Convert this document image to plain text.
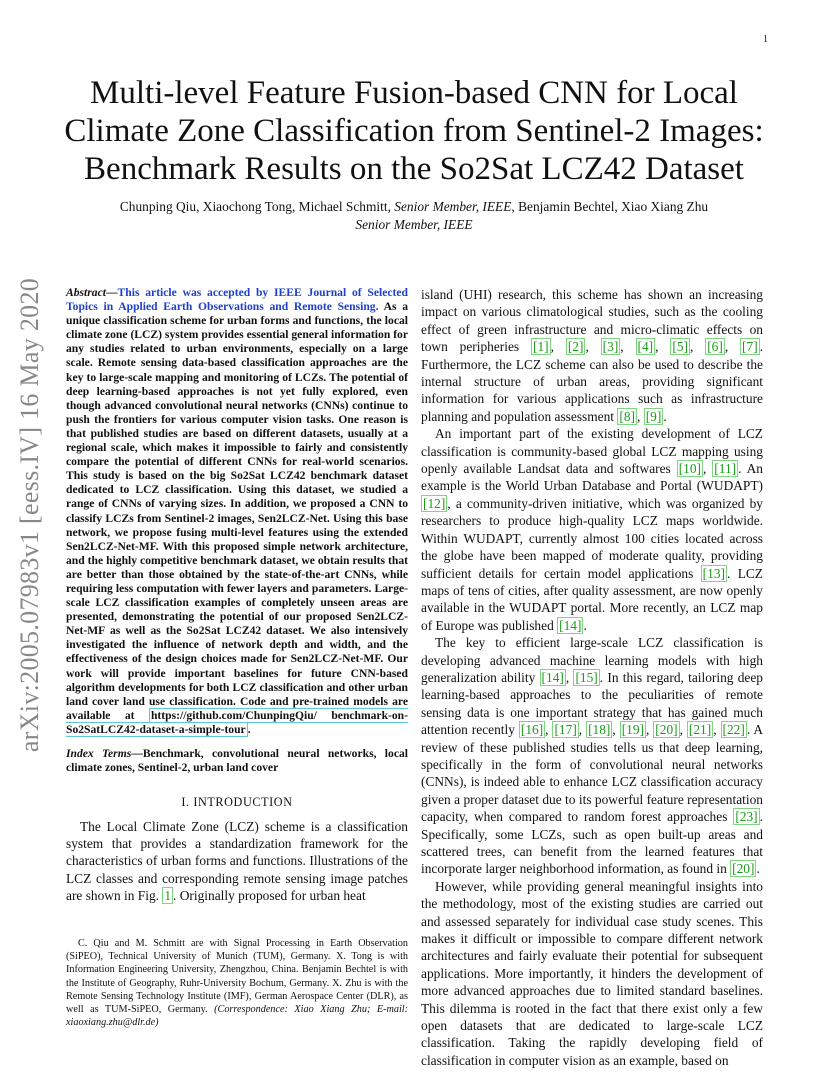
1
arXiv:2005.07983v1 [eess.IV] 16 May 2020
Multi-level Feature Fusion-based CNN for Local
Climate Zone Classification from Sentinel-2 Images:
Benchmark Results on the So2Sat LCZ42 Dataset
Chunping Qiu, Xiaochong Tong, Michael Schmitt, Senior Member, IEEE, Benjamin Bechtel, Xiao Xiang Zhu
Senior Member, IEEE
Abstract—This article was accepted by IEEE Journal of Selected Topics in Applied Earth Observations and Remote Sensing. As a unique classification scheme for urban forms and functions, the local climate zone (LCZ) system provides essential general information for any studies related to urban environments, especially on a large scale. Remote sensing data-based classification approaches are the key to large-scale mapping and monitoring of LCZs. The potential of deep learning-based approaches is not yet fully explored, even though advanced convolutional neural networks (CNNs) continue to push the frontiers for various computer vision tasks. One reason is that published studies are based on different datasets, usually at a regional scale, which makes it impossible to fairly and consistently compare the potential of different CNNs for real-world scenarios. This study is based on the big So2Sat LCZ42 benchmark dataset dedicated to LCZ classification. Using this dataset, we studied a range of CNNs of varying sizes. In addition, we proposed a CNN to classify LCZs from Sentinel-2 images, Sen2LCZ-Net. Using this base network, we propose fusing multi-level features using the extended Sen2LCZ-Net-MF. With this proposed simple network architecture, and the highly competitive benchmark dataset, we obtain results that are better than those obtained by the state-of-the-art CNNs, while requiring less computation with fewer layers and parameters. Large-scale LCZ classification examples of completely unseen areas are presented, demonstrating the potential of our proposed Sen2LCZ-Net-MF as well as the So2Sat LCZ42 dataset. We also intensively investigated the influence of network depth and width, and the effectiveness of the design choices made for Sen2LCZ-Net-MF. Our work will provide important baselines for future CNN-based algorithm developments for both LCZ classification and other urban land cover land use classification. Code and pre-trained models are available at https://github.com/ChunpingQiu/ benchmark-on-So2SatLCZ42-dataset-a-simple-tour .
Index Terms—Benchmark, convolutional neural networks, local climate zones, Sentinel-2, urban land cover
I. INTRODUCTION
The Local Climate Zone (LCZ) scheme is a classification system that provides a standardization framework for the characteristics of urban forms and functions. Illustrations of the LCZ classes and corresponding remote sensing image patches are shown in Fig. 1 . Originally proposed for urban heat
C. Qiu and M. Schmitt are with Signal Processing in Earth Observation (SiPEO), Technical University of Munich (TUM), Germany. X. Tong is with Information Engineering University, Zhengzhou, China. Benjamin Bechtel is with the Institute of Geography, Ruhr-University Bochum, Germany. X. Zhu is with the Remote Sensing Technology Institute (IMF), German Aerospace Center (DLR), as well as TUM-SiPEO, Germany. (Correspondence: Xiao Xiang Zhu; E-mail: xiaoxiang.zhu@dlr.de)
island (UHI) research, this scheme has shown an increasing impact on various climatological studies, such as the cooling effect of green infrastructure and micro-climatic effects on town peripheries [1] , [2] , [3] , [4] , [5] , [6] , [7] . Furthermore, the LCZ scheme can also be used to describe the internal structure of urban areas, providing significant information for various applications such as infrastructure planning and population assessment [8] , [9] .
An important part of the existing development of LCZ classification is community-based global LCZ mapping using openly available Landsat data and softwares [10] , [11] . An example is the World Urban Database and Portal (WUDAPT) [12] , a community-driven initiative, which was organized by researchers to produce high-quality LCZ maps worldwide. Within WUDAPT, currently almost 100 cities located across the globe have been mapped of moderate quality, providing sufficient details for certain model applications [13] . LCZ maps of tens of cities, after quality assessment, are now openly available in the WUDAPT portal. More recently, an LCZ map of Europe was published [14] .
The key to efficient large-scale LCZ classification is developing advanced machine learning models with high generalization ability [14] , [15] . In this regard, tailoring deep learning-based approaches to the peculiarities of remote sensing data is one important strategy that has gained much attention recently [16] , [17] , [18] , [19] , [20] , [21] , [22] . A review of these published studies tells us that deep learning, specifically in the form of convolutional neural networks (CNNs), is indeed able to enhance LCZ classification accuracy given a proper dataset due to its powerful feature representation capacity, when compared to random forest approaches [23] . Specifically, some LCZs, such as open built-up areas and scattered trees, can benefit from the learned features that incorporate larger neighborhood information, as found in [20] .
However, while providing general meaningful insights into the methodology, most of the existing studies are carried out and assessed separately for individual case study scenes. This makes it difficult or impossible to compare different network architectures and fairly evaluate their potential for subsequent applications. More importantly, it hinders the development of more advanced approaches due to limited standard baselines. This dilemma is rooted in the fact that there exist only a few open datasets that are dedicated to large-scale LCZ classification. Taking the rapidly developing field of classification in computer vision as an example, based on
